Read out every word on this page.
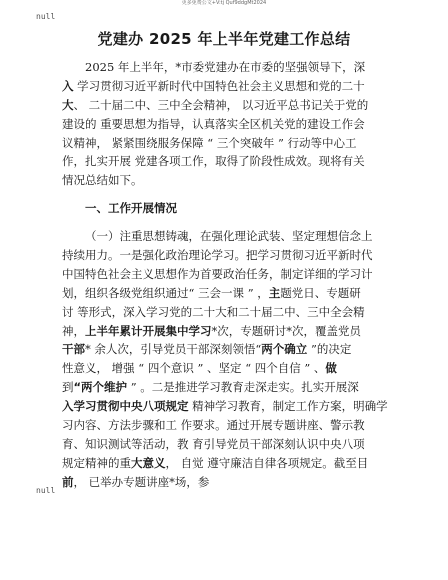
更多免费公文+V:tj Quf9ddgMt2024
null
党建办 2025 年上半年党建工作总结
2025 年上半年，*市委党建办在市委的坚强领导下，深
入 学习贯彻习近平新时代中国特色社会主义思想和党的二十
大、 二十届二中、三中全会精神， 以习近平总书记关于党的
建设的 重要思想为指导，认真落实全区机关党的建设工作会
议精神， 紧紧围绕服务保障 “ 三个突破年 ” 行动等中心工
作，扎实开展 党建各项工作，取得了阶段性成效。现将有关
情况总结如下。
一、工作开展情况
（一）注重思想铸魂，在强化理论武装、坚定理想信念上
持续用力。一是强化政治理论学习。把学习贯彻习近平新时代
中国特色社会主义思想作为首要政治任务，制定详细的学习计
划，组织各级党组织通过“ 三会一课 ” ，主题党日、专题研
讨 等形式，深入学习党的二十大和二十届二中、三中全会精
神，上半年累计开展集中学习*次，专题研讨*次，覆盖党员
干部* 余人次，引导党员干部深刻领悟“两个确立 ”的决定
性意义， 增强 “ 四个意识 ” 、坚定 “ 四个自信 ” 、做
到“两个维护 ” 。二是推进学习教育走深走实。扎实开展深
入学习贯彻中央八项规定 精神学习教育，制定工作方案，明确学
习内容、方法步骤和工 作要求。通过开展专题讲座、警示教
育、知识测试等活动，教 育引导党员干部深刻认识中央八项
规定精神的重大意义， 自觉 遵守廉洁自律各项规定。截至目
前， 已举办专题讲座*场，参
null
